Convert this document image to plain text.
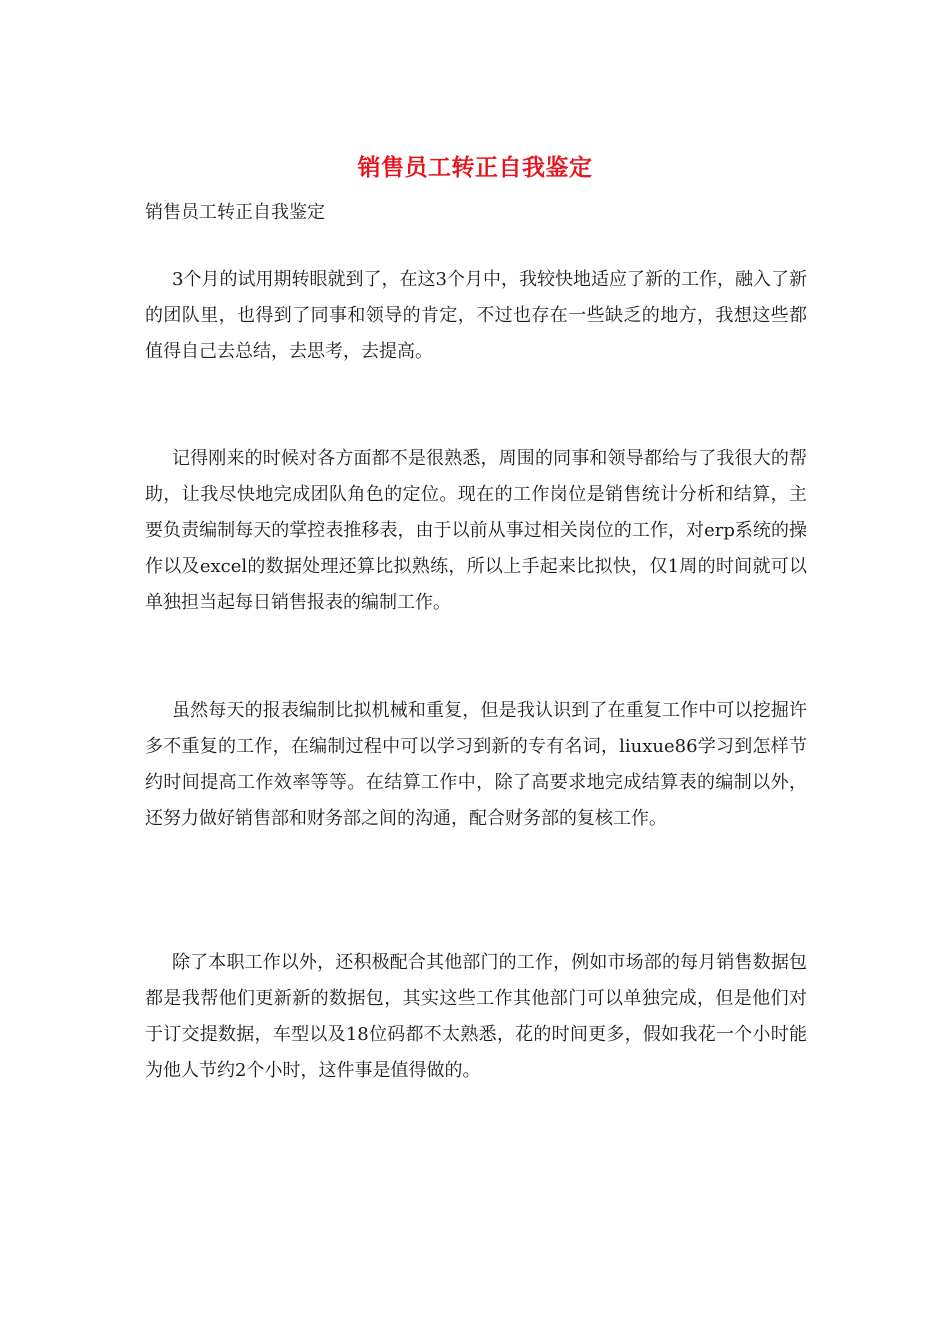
销售员工转正自我鉴定
销售员工转正自我鉴定

3个月的试用期转眼就到了，在这3个月中，我较快地适应了新的工作，融入了新的团队里，也得到了同事和领导的肯定，不过也存在一些缺乏的地方，我想这些都值得自己去总结，去思考，去提高。

记得刚来的时候对各方面都不是很熟悉，周围的同事和领导都给与了我很大的帮助，让我尽快地完成团队角色的定位。现在的工作岗位是销售统计分析和结算，主要负责编制每天的掌控表推移表，由于以前从事过相关岗位的工作，对erp系统的操作以及excel的数据处理还算比拟熟练，所以上手起来比拟快，仅1周的时间就可以单独担当起每日销售报表的编制工作。

虽然每天的报表编制比拟机械和重复，但是我认识到了在重复工作中可以挖掘许多不重复的工作，在编制过程中可以学习到新的专有名词，liuxue86学习到怎样节约时间提高工作效率等等。在结算工作中，除了高要求地完成结算表的编制以外，还努力做好销售部和财务部之间的沟通，配合财务部的复核工作。

除了本职工作以外，还积极配合其他部门的工作，例如市场部的每月销售数据包都是我帮他们更新新的数据包，其实这些工作其他部门可以单独完成，但是他们对于订交提数据，车型以及18位码都不太熟悉，花的时间更多，假如我花一个小时能为他人节约2个小时，这件事是值得做的。
